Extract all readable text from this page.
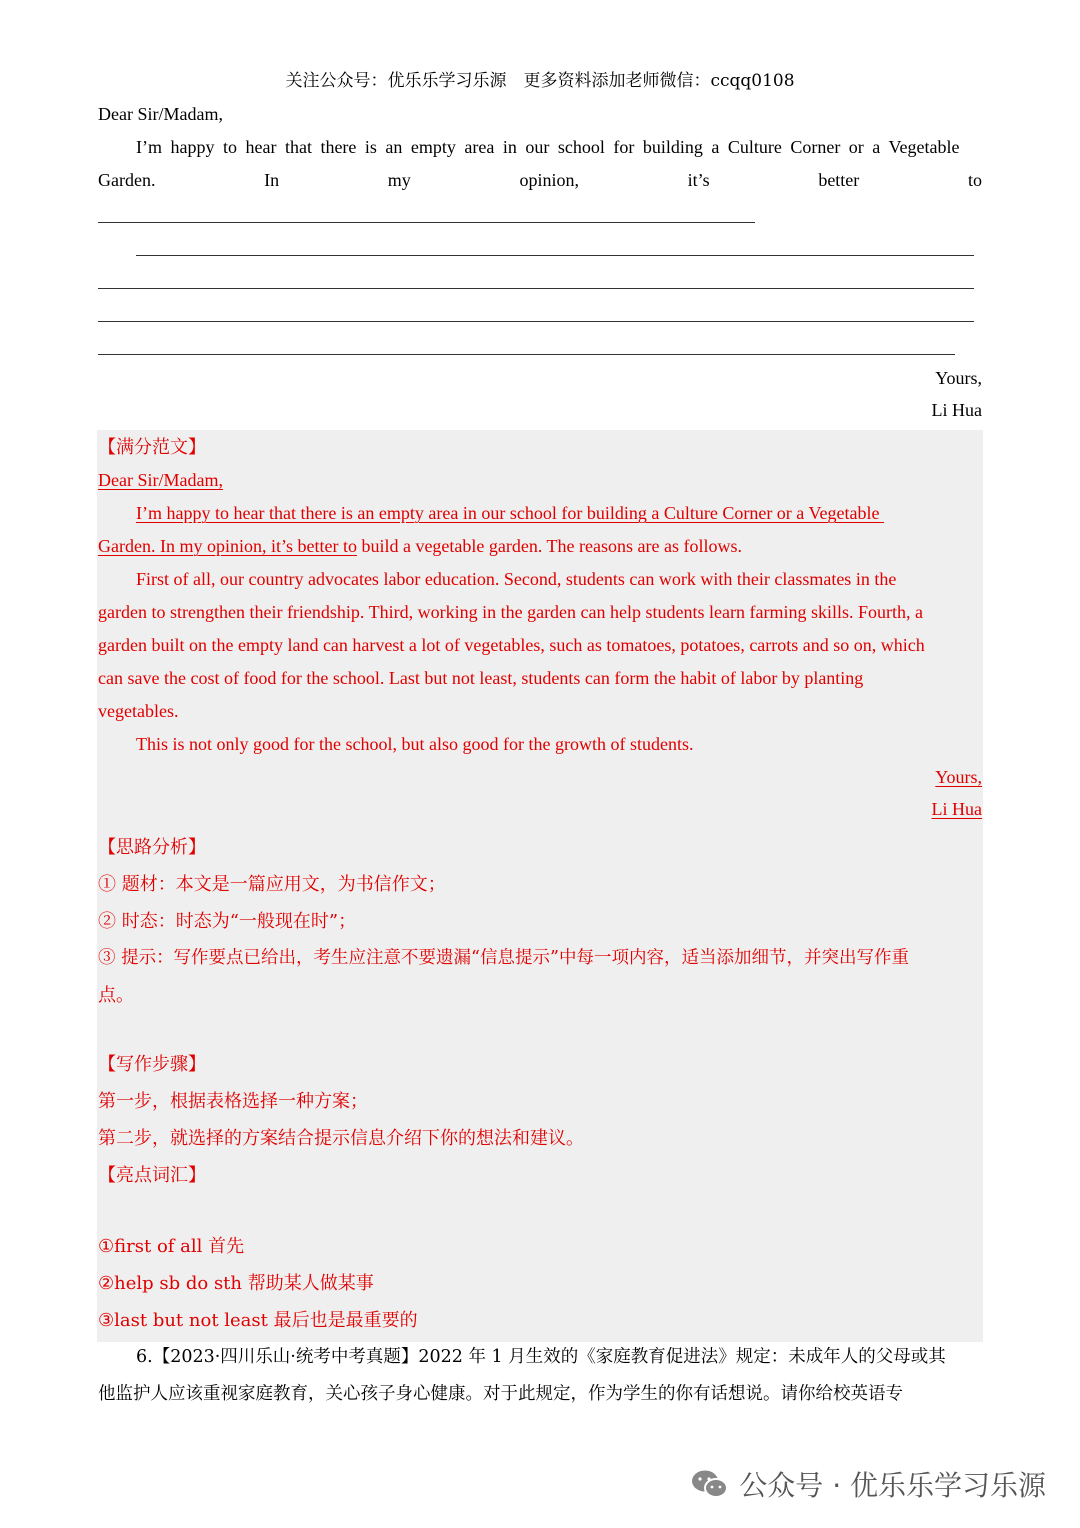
关注公众号：优乐乐学习乐源　更多资料添加老师微信：ccqq0108
Dear Sir/Madam,
I’m happy to hear that there is an empty area in our school for building a Culture Corner or a Vegetable
Garden.	In	my	opinion,	it’s	better	to
Yours,
Li Hua
【满分范文】
Dear Sir/Madam,
I’m happy to hear that there is an empty area in our school for building a Culture Corner or a Vegetable
Garden. In my opinion, it’s better to build a vegetable garden. The reasons are as follows.
First of all, our country advocates labor education. Second, students can work with their classmates in the
garden to strengthen their friendship. Third, working in the garden can help students learn farming skills. Fourth, a
garden built on the empty land can harvest a lot of vegetables, such as tomatoes, potatoes, carrots and so on, which
can save the cost of food for the school. Last but not least, students can form the habit of labor by planting
vegetables.
This is not only good for the school, but also good for the growth of students.
Yours,
Li Hua
【思路分析】
① 题材：本文是一篇应用文，为书信作文；
② 时态：时态为“一般现在时”；
③ 提示：写作要点已给出，考生应注意不要遗漏“信息提示”中每一项内容，适当添加细节，并突出写作重
点。
【写作步骤】
第一步，根据表格选择一种方案；
第二步，就选择的方案结合提示信息介绍下你的想法和建议。
【亮点词汇】
①first of all 首先
②help sb do sth 帮助某人做某事
③last but not least 最后也是最重要的
6.【2023·四川乐山·统考中考真题】2022 年 1 月生效的《家庭教育促进法》规定：未成年人的父母或其
他监护人应该重视家庭教育，关心孩子身心健康。对于此规定，作为学生的你有话想说。请你给校英语专
公众号 · 优乐乐学习乐源
